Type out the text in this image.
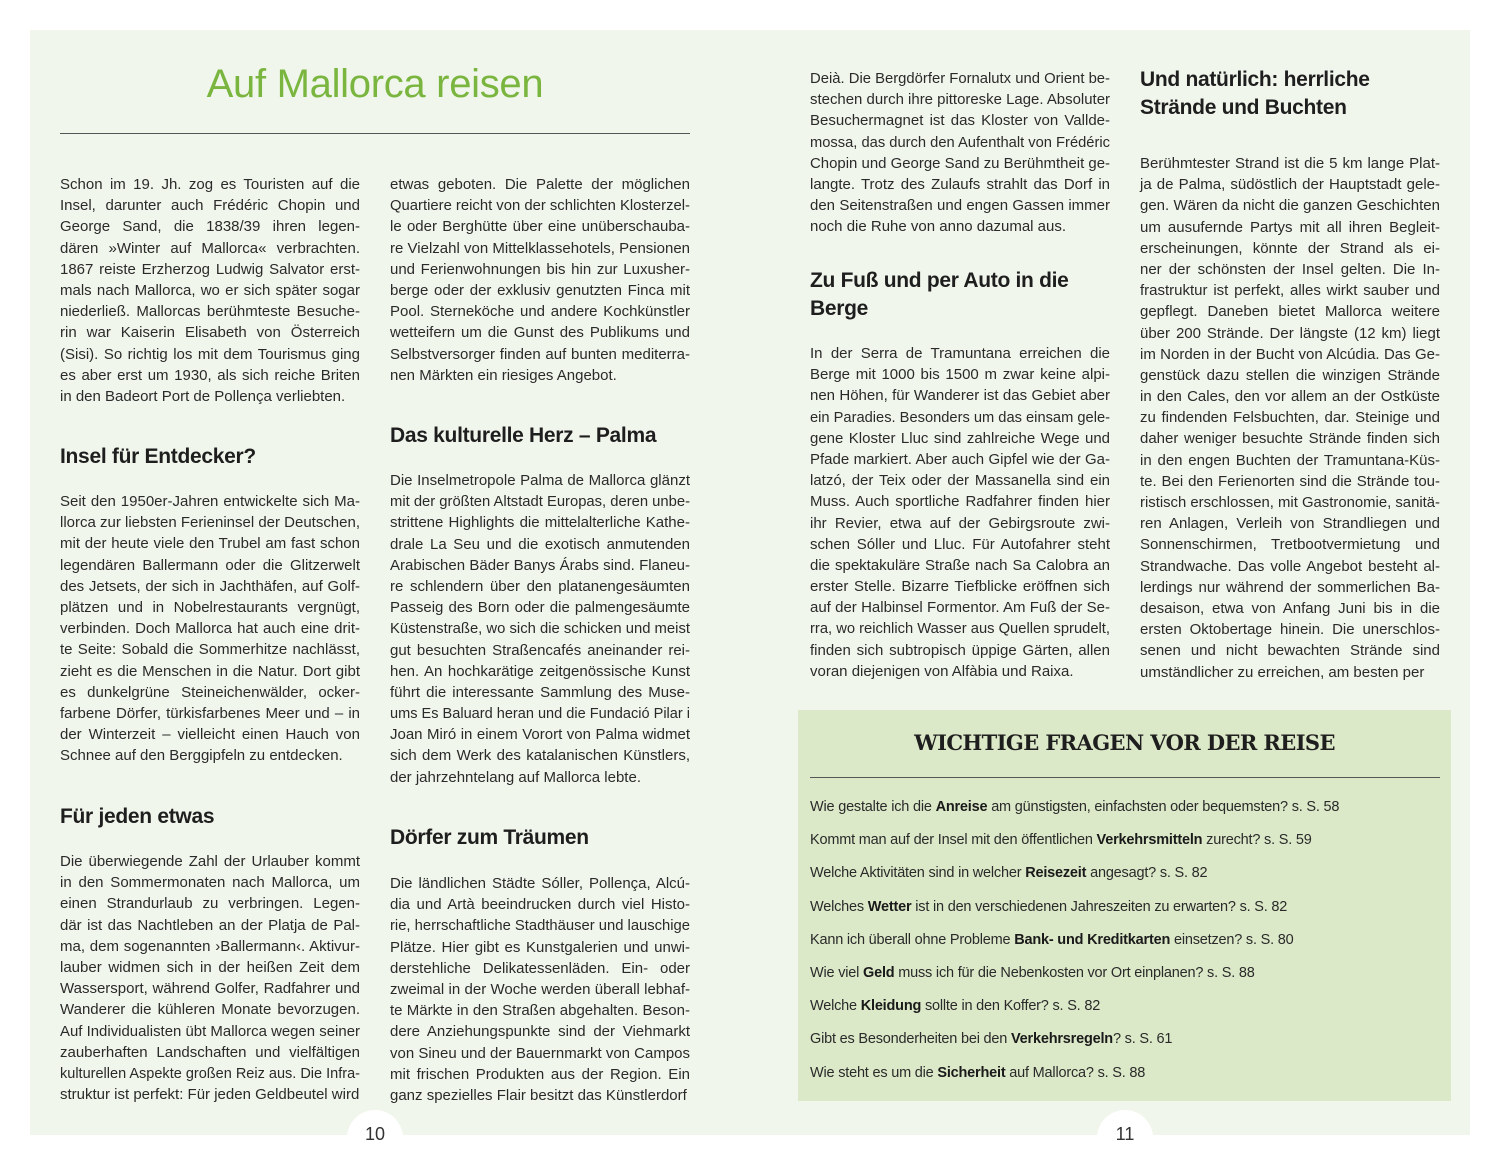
Auf Mallorca reisen
Schon im 19. Jh. zog es Touristen auf die
Insel, darunter auch Frédéric Chopin und
George Sand, die 1838/39 ihren legen-
dären »Winter auf Mallorca« verbrachten.
1867 reiste Erzherzog Ludwig Salvator erst-
mals nach Mallorca, wo er sich später sogar
niederließ. Mallorcas berühmteste Besuche-
rin war Kaiserin Elisabeth von Österreich
(Sisi). So richtig los mit dem Tourismus ging
es aber erst um 1930, als sich reiche Briten
in den Badeort Port de Pollença verliebten.
Insel für Entdecker?
Seit den 1950er-Jahren entwickelte sich Ma-
llorca zur liebsten Ferieninsel der Deutschen,
mit der heute viele den Trubel am fast schon
legendären Ballermann oder die Glitzerwelt
des Jetsets, der sich in Jachthäfen, auf Golf-
plätzen und in Nobelrestaurants vergnügt,
verbinden. Doch Mallorca hat auch eine drit-
te Seite: Sobald die Sommerhitze nachlässt,
zieht es die Menschen in die Natur. Dort gibt
es dunkelgrüne Steineichenwälder, ocker-
farbene Dörfer, türkisfarbenes Meer und – in
der Winterzeit – vielleicht einen Hauch von
Schnee auf den Berggipfeln zu entdecken.
Für jeden etwas
Die überwiegende Zahl der Urlauber kommt
in den Sommermonaten nach Mallorca, um
einen Strandurlaub zu verbringen. Legen-
där ist das Nachtleben an der Platja de Pal-
ma, dem sogenannten ›Ballermann‹. Aktivur-
lauber widmen sich in der heißen Zeit dem
Wassersport, während Golfer, Radfahrer und
Wanderer die kühleren Monate bevorzugen.
Auf Individualisten übt Mallorca wegen seiner
zauberhaften Landschaften und vielfältigen
kulturellen Aspekte großen Reiz aus. Die Infra-
struktur ist perfekt: Für jeden Geldbeutel wird
etwas geboten. Die Palette der möglichen
Quartiere reicht von der schlichten Klosterzel-
le oder Berghütte über eine unüberschauba-
re Vielzahl von Mittelklassehotels, Pensionen
und Ferienwohnungen bis hin zur Luxusher-
berge oder der exklusiv genutzten Finca mit
Pool. Sterneköche und andere Kochkünstler
wetteifern um die Gunst des Publikums und
Selbstversorger finden auf bunten mediterra-
nen Märkten ein riesiges Angebot.
Das kulturelle Herz – Palma
Die Inselmetropole Palma de Mallorca glänzt
mit der größten Altstadt Europas, deren unbe-
strittene Highlights die mittelalterliche Kathe-
drale La Seu und die exotisch anmutenden
Arabischen Bäder Banys Árabs sind. Flaneu-
re schlendern über den platanengesäumten
Passeig des Born oder die palmengesäumte
Küstenstraße, wo sich die schicken und meist
gut besuchten Straßencafés aneinander rei-
hen. An hochkarätige zeitgenössische Kunst
führt die interessante Sammlung des Muse-
ums Es Baluard heran und die Fundació Pilar i
Joan Miró in einem Vorort von Palma widmet
sich dem Werk des katalanischen Künstlers,
der jahrzehntelang auf Mallorca lebte.
Dörfer zum Träumen
Die ländlichen Städte Sóller, Pollença, Alcú-
dia und Artà beeindrucken durch viel Histo-
rie, herrschaftliche Stadthäuser und lauschige
Plätze. Hier gibt es Kunstgalerien und unwi-
derstehliche Delikatessenläden. Ein- oder
zweimal in der Woche werden überall lebhaf-
te Märkte in den Straßen abgehalten. Beson-
dere Anziehungspunkte sind der Viehmarkt
von Sineu und der Bauernmarkt von Campos
mit frischen Produkten aus der Region. Ein
ganz spezielles Flair besitzt das Künstlerdorf
Deià. Die Bergdörfer Fornalutx und Orient be-
stechen durch ihre pittoreske Lage. Absoluter
Besuchermagnet ist das Kloster von Vallde-
mossa, das durch den Aufenthalt von Frédéric
Chopin und George Sand zu Berühmtheit ge-
langte. Trotz des Zulaufs strahlt das Dorf in
den Seitenstraßen und engen Gassen immer
noch die Ruhe von anno dazumal aus.
Zu Fuß und per Auto in die
Berge
In der Serra de Tramuntana erreichen die
Berge mit 1000 bis 1500 m zwar keine alpi-
nen Höhen, für Wanderer ist das Gebiet aber
ein Paradies. Besonders um das einsam gele-
gene Kloster Lluc sind zahlreiche Wege und
Pfade markiert. Aber auch Gipfel wie der Ga-
latzó, der Teix oder der Massanella sind ein
Muss. Auch sportliche Radfahrer finden hier
ihr Revier, etwa auf der Gebirgsroute zwi-
schen Sóller und Lluc. Für Autofahrer steht
die spektakuläre Straße nach Sa Calobra an
erster Stelle. Bizarre Tiefblicke eröffnen sich
auf der Halbinsel Formentor. Am Fuß der Se-
rra, wo reichlich Wasser aus Quellen sprudelt,
finden sich subtropisch üppige Gärten, allen
voran diejenigen von Alfàbia und Raixa.
Und natürlich: herrliche
Strände und Buchten
Berühmtester Strand ist die 5 km lange Plat-
ja de Palma, südöstlich der Hauptstadt gele-
gen. Wären da nicht die ganzen Geschichten
um ausufernde Partys mit all ihren Begleit-
erscheinungen, könnte der Strand als ei-
ner der schönsten der Insel gelten. Die In-
frastruktur ist perfekt, alles wirkt sauber und
gepflegt. Daneben bietet Mallorca weitere
über 200 Strände. Der längste (12 km) liegt
im Norden in der Bucht von Alcúdia. Das Ge-
genstück dazu stellen die winzigen Strände
in den Cales, den vor allem an der Ostküste
zu findenden Felsbuchten, dar. Steinige und
daher weniger besuchte Strände finden sich
in den engen Buchten der Tramuntana-Küs-
te. Bei den Ferienorten sind die Strände tou-
ristisch erschlossen, mit Gastronomie, sanitä-
ren Anlagen, Verleih von Strandliegen und
Sonnenschirmen, Tretbootvermietung und
Strandwache. Das volle Angebot besteht al-
lerdings nur während der sommerlichen Ba-
desaison, etwa von Anfang Juni bis in die
ersten Oktobertage hinein. Die unerschlos-
senen und nicht bewachten Strände sind
umständlicher zu erreichen, am besten per
WICHTIGE FRAGEN VOR DER REISE
Wie gestalte ich die Anreise am günstigsten, einfachsten oder bequemsten? s. S. 58
Kommt man auf der Insel mit den öffentlichen Verkehrsmitteln zurecht? s. S. 59
Welche Aktivitäten sind in welcher Reisezeit angesagt? s. S. 82
Welches Wetter ist in den verschiedenen Jahreszeiten zu erwarten? s. S. 82
Kann ich überall ohne Probleme Bank- und Kreditkarten einsetzen? s. S. 80
Wie viel Geld muss ich für die Nebenkosten vor Ort einplanen? s. S. 88
Welche Kleidung sollte in den Koffer? s. S. 82
Gibt es Besonderheiten bei den Verkehrsregeln? s. S. 61
Wie steht es um die Sicherheit auf Mallorca? s. S. 88
10	11
